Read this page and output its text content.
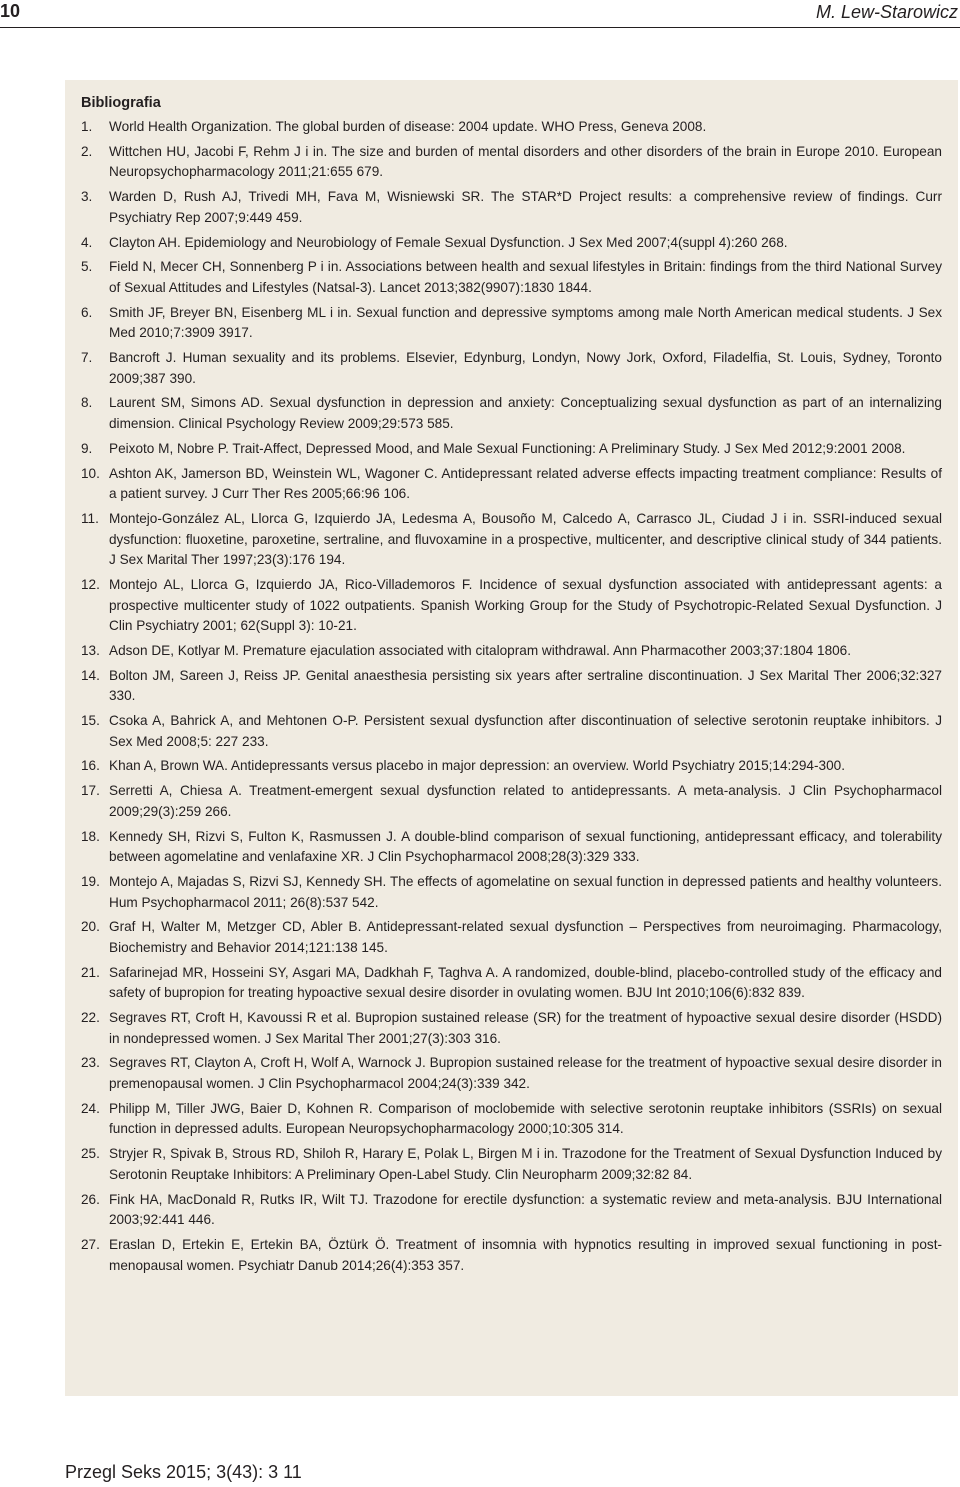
10	M. Lew-Starowicz
Bibliografia
1.	World Health Organization. The global burden of disease: 2004 update. WHO Press, Geneva 2008.
2.	Wittchen HU, Jacobi F, Rehm J i in. The size and burden of mental disorders and other disorders of the brain in Europe 2010. European Neuropsychopharmacology 2011;21:655 679.
3.	Warden D, Rush AJ, Trivedi MH, Fava M, Wisniewski SR. The STAR*D Project results: a comprehensive review of findings. Curr Psychiatry Rep 2007;9:449 459.
4.	Clayton AH. Epidemiology and Neurobiology of Female Sexual Dysfunction. J Sex Med 2007;4(suppl 4):260 268.
5.	Field N, Mecer CH, Sonnenberg P i in. Associations between health and sexual lifestyles in Britain: findings from the third National Survey of Sexual Attitudes and Lifestyles (Natsal-3). Lancet 2013;382(9907):1830 1844.
6.	Smith JF, Breyer BN, Eisenberg ML i in. Sexual function and depressive symptoms among male North American medical students. J Sex Med 2010;7:3909 3917.
7.	Bancroft J. Human sexuality and its problems. Elsevier, Edynburg, Londyn, Nowy Jork, Oxford, Filadelfia, St. Louis, Sydney, Toronto 2009;387 390.
8.	Laurent SM, Simons AD. Sexual dysfunction in depression and anxiety: Conceptualizing sexual dysfunction as part of an internalizing dimension. Clinical Psychology Review 2009;29:573 585.
9.	Peixoto M, Nobre P. Trait-Affect, Depressed Mood, and Male Sexual Functioning: A Preliminary Study. J Sex Med 2012;9:2001 2008.
10. Ashton AK, Jamerson BD, Weinstein WL, Wagoner C. Antidepressant related adverse effects impacting treatment compliance: Results of a patient survey. J Curr Ther Res 2005;66:96 106.
11. Montejo-González AL, Llorca G, Izquierdo JA, Ledesma A, Bousoño M, Calcedo A, Carrasco JL, Ciudad J i in. SSRI-induced sexual dysfunction: fluoxetine, paroxetine, sertraline, and fluvoxamine in a prospective, multicenter, and descriptive clinical study of 344 patients. J Sex Marital Ther 1997;23(3):176 194.
12. Montejo AL, Llorca G, Izquierdo JA, Rico-Villademoros F. Incidence of sexual dysfunction associated with antidepressant agents: a prospective multicenter study of 1022 outpatients. Spanish Working Group for the Study of Psychotropic-Related Sexual Dysfunction. J Clin Psychiatry 2001; 62(Suppl 3): 10-21.
13. Adson DE, Kotlyar M. Premature ejaculation associated with citalopram withdrawal. Ann Pharmacother 2003;37:1804 1806.
14. Bolton JM, Sareen J, Reiss JP. Genital anaesthesia persisting six years after sertraline discontinuation. J Sex Marital Ther 2006;32:327 330.
15. Csoka A, Bahrick A, and Mehtonen O-P. Persistent sexual dysfunction after discontinuation of selective serotonin reuptake inhibitors. J Sex Med 2008;5: 227 233.
16. Khan A, Brown WA. Antidepressants versus placebo in major depression: an overview. World Psychiatry 2015;14:294-300.
17. Serretti A, Chiesa A. Treatment-emergent sexual dysfunction related to antidepressants. A meta-analysis. J Clin Psychopharmacol 2009;29(3):259 266.
18. Kennedy SH, Rizvi S, Fulton K, Rasmussen J. A double-blind comparison of sexual functioning, antidepressant efficacy, and tolerability between agomelatine and venlafaxine XR. J Clin Psychopharmacol 2008;28(3):329 333.
19. Montejo A, Majadas S, Rizvi SJ, Kennedy SH. The effects of agomelatine on sexual function in depressed patients and healthy volunteers. Hum Psychopharmacol 2011; 26(8):537 542.
20. Graf H, Walter M, Metzger CD, Abler B. Antidepressant-related sexual dysfunction – Perspectives from neuroimaging. Pharmacology, Biochemistry and Behavior 2014;121:138 145.
21. Safarinejad MR, Hosseini SY, Asgari MA, Dadkhah F, Taghva A. A randomized, double-blind, placebo-controlled study of the efficacy and safety of bupropion for treating hypoactive sexual desire disorder in ovulating women. BJU Int 2010;106(6):832 839.
22. Segraves RT, Croft H, Kavoussi R et al. Bupropion sustained release (SR) for the treatment of hypoactive sexual desire disorder (HSDD) in nondepressed women. J Sex Marital Ther 2001;27(3):303 316.
23. Segraves RT, Clayton A, Croft H, Wolf A, Warnock J. Bupropion sustained release for the treatment of hypoactive sexual desire disorder in premenopausal women. J Clin Psychopharmacol 2004;24(3):339 342.
24. Philipp M, Tiller JWG, Baier D, Kohnen R. Comparison of moclobemide with selective serotonin reuptake inhibitors (SSRIs) on sexual function in depressed adults. European Neuropsychopharmacology 2000;10:305 314.
25. Stryjer R, Spivak B, Strous RD, Shiloh R, Harary E, Polak L, Birgen M i in. Trazodone for the Treatment of Sexual Dysfunction Induced by Serotonin Reuptake Inhibitors: A Preliminary Open-Label Study. Clin Neuropharm 2009;32:82 84.
26. Fink HA, MacDonald R, Rutks IR, Wilt TJ. Trazodone for erectile dysfunction: a systematic review and meta-analysis. BJU International 2003;92:441 446.
27. Eraslan D, Ertekin E, Ertekin BA, Öztürk Ö. Treatment of insomnia with hypnotics resulting in improved sexual functioning in post-menopausal women. Psychiatr Danub 2014;26(4):353 357.
Przegl Seks 2015; 3(43): 3 11
